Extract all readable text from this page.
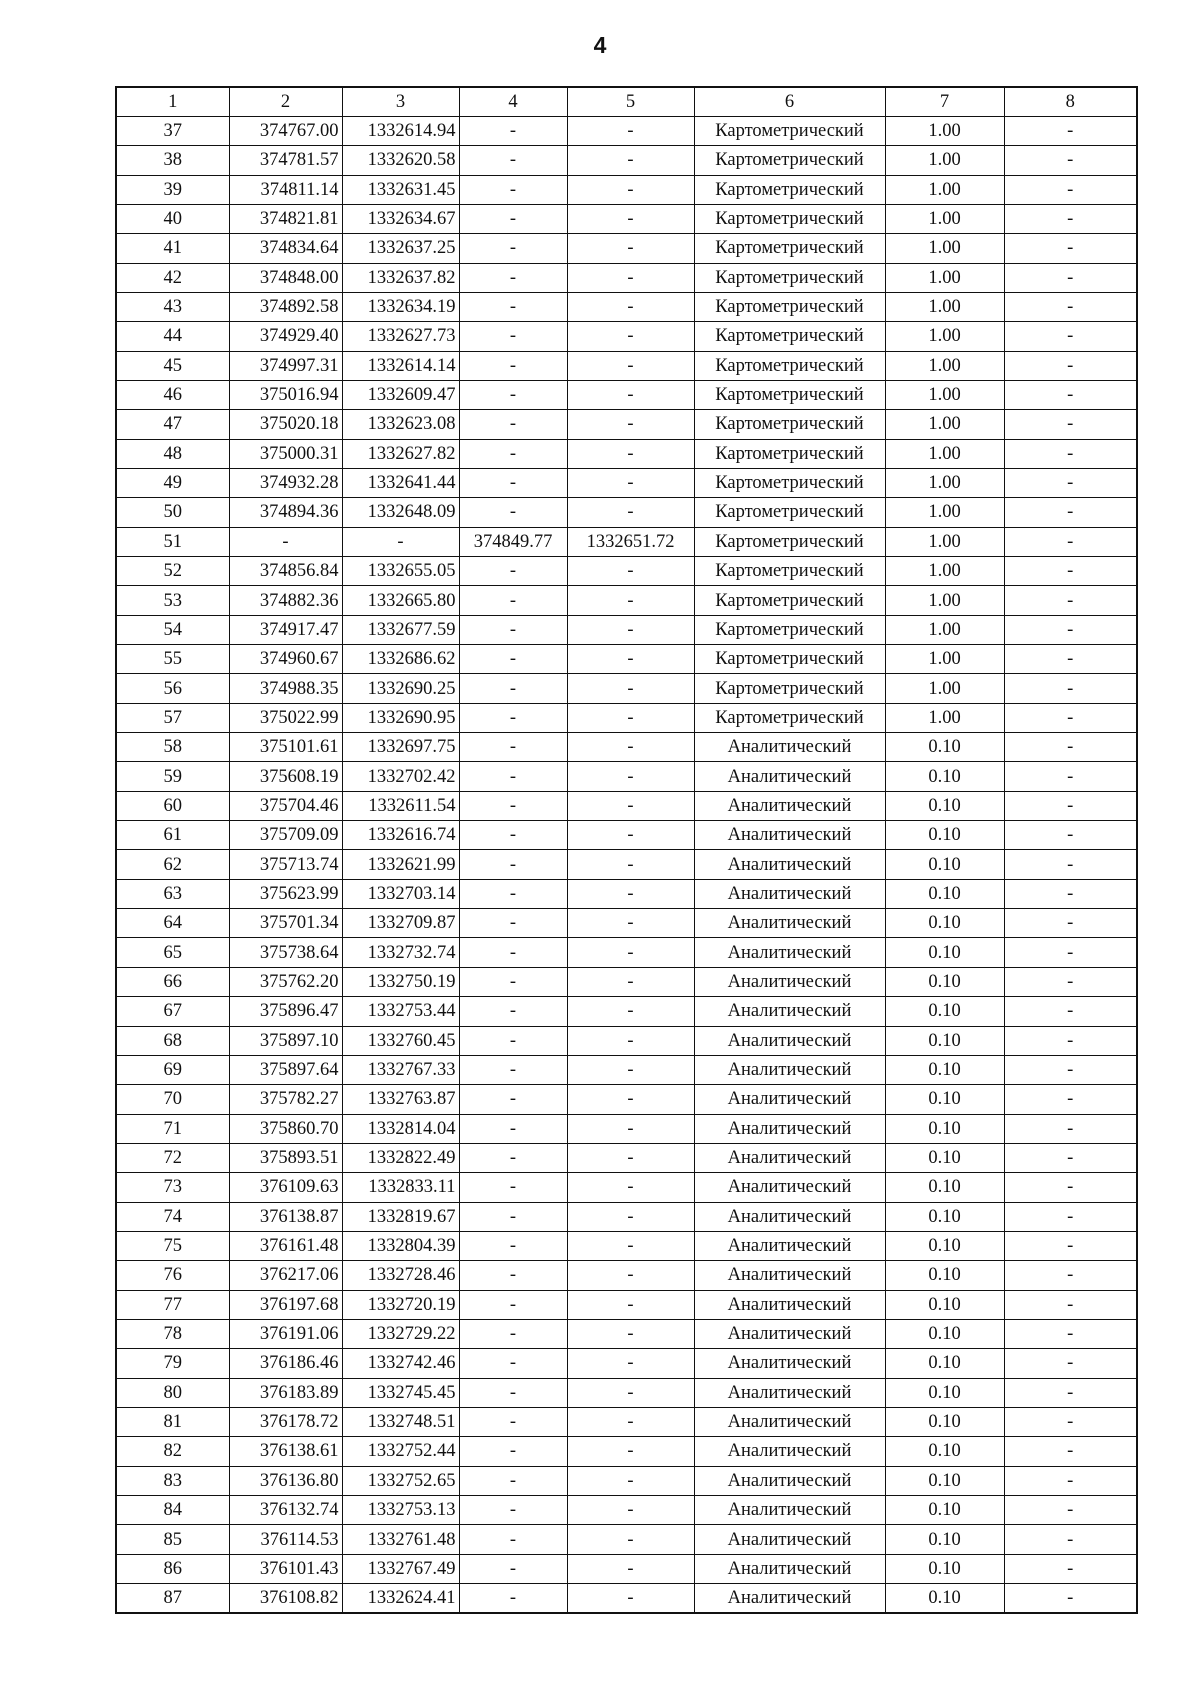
4
1	2	3	4	5	6	7	8
37	374767.00	1332614.94	-	-	Картометрический	1.00	-
38	374781.57	1332620.58	-	-	Картометрический	1.00	-
39	374811.14	1332631.45	-	-	Картометрический	1.00	-
40	374821.81	1332634.67	-	-	Картометрический	1.00	-
41	374834.64	1332637.25	-	-	Картометрический	1.00	-
42	374848.00	1332637.82	-	-	Картометрический	1.00	-
43	374892.58	1332634.19	-	-	Картометрический	1.00	-
44	374929.40	1332627.73	-	-	Картометрический	1.00	-
45	374997.31	1332614.14	-	-	Картометрический	1.00	-
46	375016.94	1332609.47	-	-	Картометрический	1.00	-
47	375020.18	1332623.08	-	-	Картометрический	1.00	-
48	375000.31	1332627.82	-	-	Картометрический	1.00	-
49	374932.28	1332641.44	-	-	Картометрический	1.00	-
50	374894.36	1332648.09	-	-	Картометрический	1.00	-
51	-	-	374849.77	1332651.72	Картометрический	1.00	-
52	374856.84	1332655.05	-	-	Картометрический	1.00	-
53	374882.36	1332665.80	-	-	Картометрический	1.00	-
54	374917.47	1332677.59	-	-	Картометрический	1.00	-
55	374960.67	1332686.62	-	-	Картометрический	1.00	-
56	374988.35	1332690.25	-	-	Картометрический	1.00	-
57	375022.99	1332690.95	-	-	Картометрический	1.00	-
58	375101.61	1332697.75	-	-	Аналитический	0.10	-
59	375608.19	1332702.42	-	-	Аналитический	0.10	-
60	375704.46	1332611.54	-	-	Аналитический	0.10	-
61	375709.09	1332616.74	-	-	Аналитический	0.10	-
62	375713.74	1332621.99	-	-	Аналитический	0.10	-
63	375623.99	1332703.14	-	-	Аналитический	0.10	-
64	375701.34	1332709.87	-	-	Аналитический	0.10	-
65	375738.64	1332732.74	-	-	Аналитический	0.10	-
66	375762.20	1332750.19	-	-	Аналитический	0.10	-
67	375896.47	1332753.44	-	-	Аналитический	0.10	-
68	375897.10	1332760.45	-	-	Аналитический	0.10	-
69	375897.64	1332767.33	-	-	Аналитический	0.10	-
70	375782.27	1332763.87	-	-	Аналитический	0.10	-
71	375860.70	1332814.04	-	-	Аналитический	0.10	-
72	375893.51	1332822.49	-	-	Аналитический	0.10	-
73	376109.63	1332833.11	-	-	Аналитический	0.10	-
74	376138.87	1332819.67	-	-	Аналитический	0.10	-
75	376161.48	1332804.39	-	-	Аналитический	0.10	-
76	376217.06	1332728.46	-	-	Аналитический	0.10	-
77	376197.68	1332720.19	-	-	Аналитический	0.10	-
78	376191.06	1332729.22	-	-	Аналитический	0.10	-
79	376186.46	1332742.46	-	-	Аналитический	0.10	-
80	376183.89	1332745.45	-	-	Аналитический	0.10	-
81	376178.72	1332748.51	-	-	Аналитический	0.10	-
82	376138.61	1332752.44	-	-	Аналитический	0.10	-
83	376136.80	1332752.65	-	-	Аналитический	0.10	-
84	376132.74	1332753.13	-	-	Аналитический	0.10	-
85	376114.53	1332761.48	-	-	Аналитический	0.10	-
86	376101.43	1332767.49	-	-	Аналитический	0.10	-
87	376108.82	1332624.41	-	-	Аналитический	0.10	-
